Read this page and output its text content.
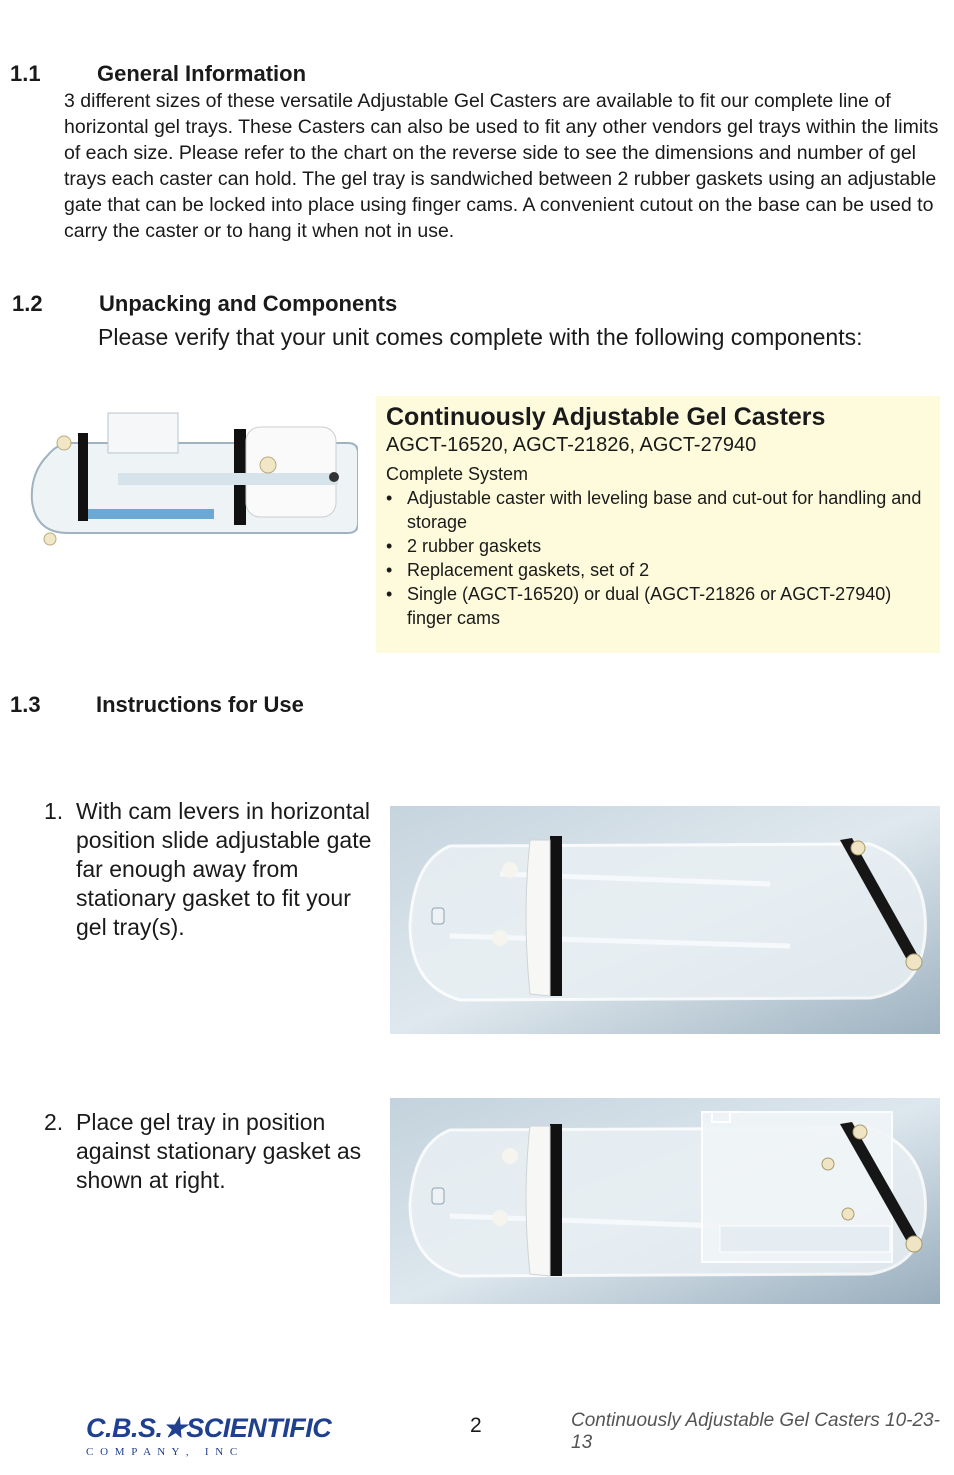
1.1	General Information
3 different sizes of these versatile Adjustable Gel Casters are available to fit our complete line of horizontal gel trays. These Casters can also be used to fit any other vendors gel trays within the limits of each size. Please refer to the chart on the reverse side to see the dimensions and number of gel trays each caster can hold. The gel tray is sandwiched between 2 rubber gaskets using an adjustable gate that can be locked into place using finger cams. A convenient cutout on the base can be used to carry the caster or to hang it when not in use.
1.2	Unpacking and Components
Please verify that your unit comes complete with the following components:

Continuously Adjustable Gel Casters

AGCT-16520, AGCT-21826, AGCT-27940

Complete System

• Adjustable caster with leveling base and cut-out for handling and storage
• 2 rubber gaskets
• Replacement gaskets, set of 2
• Single (AGCT-16520) or dual (AGCT-21826 or AGCT-27940) finger cams
1.3	Instructions for Use
1. With cam levers in horizontal position slide adjustable gate far enough away from stationary gasket to fit your gel tray(s).
2. Place gel tray in position against stationary gasket as shown at right.
C.B.S.★SCIENTIFIC
C O M P A N Y ,   I N C
2	Continuously Adjustable Gel Casters 10-23-13
